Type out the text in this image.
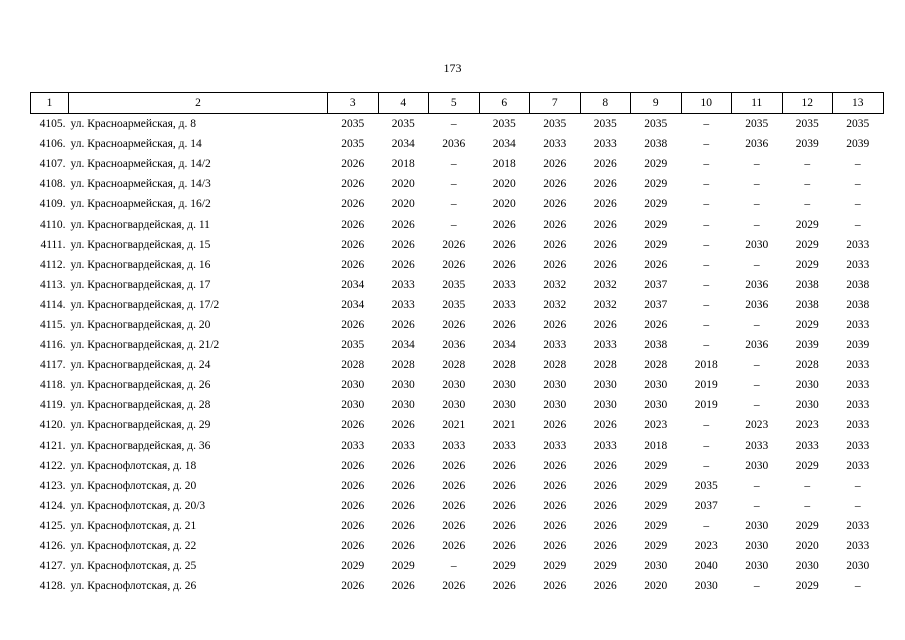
173
1	2	3	4	5	6	7	8	9	10	11	12	13
4105.	ул. Красноармейская, д. 8	2035	2035	–	2035	2035	2035	2035	–	2035	2035	2035
4106.	ул. Красноармейская, д. 14	2035	2034	2036	2034	2033	2033	2038	–	2036	2039	2039
4107.	ул. Красноармейская, д. 14/2	2026	2018	–	2018	2026	2026	2029	–	–	–	–
4108.	ул. Красноармейская, д. 14/3	2026	2020	–	2020	2026	2026	2029	–	–	–	–
4109.	ул. Красноармейская, д. 16/2	2026	2020	–	2020	2026	2026	2029	–	–	–	–
4110.	ул. Красногвардейская, д. 11	2026	2026	–	2026	2026	2026	2029	–	–	2029	–
4111.	ул. Красногвардейская, д. 15	2026	2026	2026	2026	2026	2026	2029	–	2030	2029	2033
4112.	ул. Красногвардейская, д. 16	2026	2026	2026	2026	2026	2026	2026	–	–	2029	2033
4113.	ул. Красногвардейская, д. 17	2034	2033	2035	2033	2032	2032	2037	–	2036	2038	2038
4114.	ул. Красногвардейская, д. 17/2	2034	2033	2035	2033	2032	2032	2037	–	2036	2038	2038
4115.	ул. Красногвардейская, д. 20	2026	2026	2026	2026	2026	2026	2026	–	–	2029	2033
4116.	ул. Красногвардейская, д. 21/2	2035	2034	2036	2034	2033	2033	2038	–	2036	2039	2039
4117.	ул. Красногвардейская, д. 24	2028	2028	2028	2028	2028	2028	2028	2018	–	2028	2033
4118.	ул. Красногвардейская, д. 26	2030	2030	2030	2030	2030	2030	2030	2019	–	2030	2033
4119.	ул. Красногвардейская, д. 28	2030	2030	2030	2030	2030	2030	2030	2019	–	2030	2033
4120.	ул. Красногвардейская, д. 29	2026	2026	2021	2021	2026	2026	2023	–	2023	2023	2033
4121.	ул. Красногвардейская, д. 36	2033	2033	2033	2033	2033	2033	2018	–	2033	2033	2033
4122.	ул. Краснофлотская, д. 18	2026	2026	2026	2026	2026	2026	2029	–	2030	2029	2033
4123.	ул. Краснофлотская, д. 20	2026	2026	2026	2026	2026	2026	2029	2035	–	–	–
4124.	ул. Краснофлотская, д. 20/3	2026	2026	2026	2026	2026	2026	2029	2037	–	–	–
4125.	ул. Краснофлотская, д. 21	2026	2026	2026	2026	2026	2026	2029	–	2030	2029	2033
4126.	ул. Краснофлотская, д. 22	2026	2026	2026	2026	2026	2026	2029	2023	2030	2020	2033
4127.	ул. Краснофлотская, д. 25	2029	2029	–	2029	2029	2029	2030	2040	2030	2030	2030
4128.	ул. Краснофлотская, д. 26	2026	2026	2026	2026	2026	2026	2020	2030	–	2029	–
